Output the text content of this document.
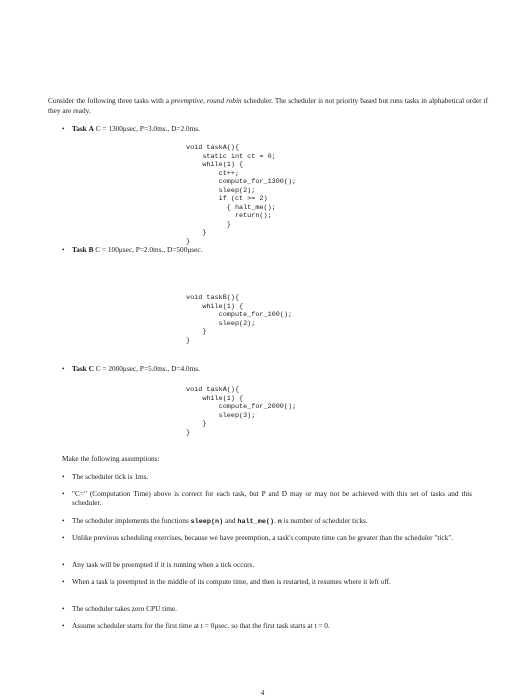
Consider the following three tasks with a preemptive, round robin scheduler. The scheduler is not priority based but runs tasks in alphabetical order if they are ready.
• Task A C = 1300μsec, P=3.0ms., D=2.0ms.
void taskA(){
static int ct = 0;
while(1) {
ct++;
compute_for_1300();
sleep(2);
if (ct >= 2)
{ halt_me();
return();
}
}
}
• Task B C = 100μsec, P=2.0ms., D=500μsec.
void taskB(){
while(1) {
compute_for_100();
sleep(2);
}
}
• Task C C = 2000μsec, P=5.0ms., D=4.0ms.
void taskA(){
while(1) {
compute_for_2000();
sleep(3);
}
}
Make the following assumptions:
• The scheduler tick is 1ms.
• "C=" (Computation Time) above is correct for each task, but P and D may or may not be achieved with this set of tasks and this scheduler.
• The scheduler implements the functions sleep(n) and halt_me(). n is number of scheduler ticks.
• Unlike previous scheduling exercises, because we have preemption, a task's compute time can be greater than the scheduler "tick".
• Any task will be preempted if it is running when a tick occurs.
• When a task is preempted in the middle of its compute time, and then is restarted, it resumes where it left off.
• The scheduler takes zero CPU time.
• Assume scheduler starts for the first time at t = 0μsec. so that the first task starts at t = 0.
4
